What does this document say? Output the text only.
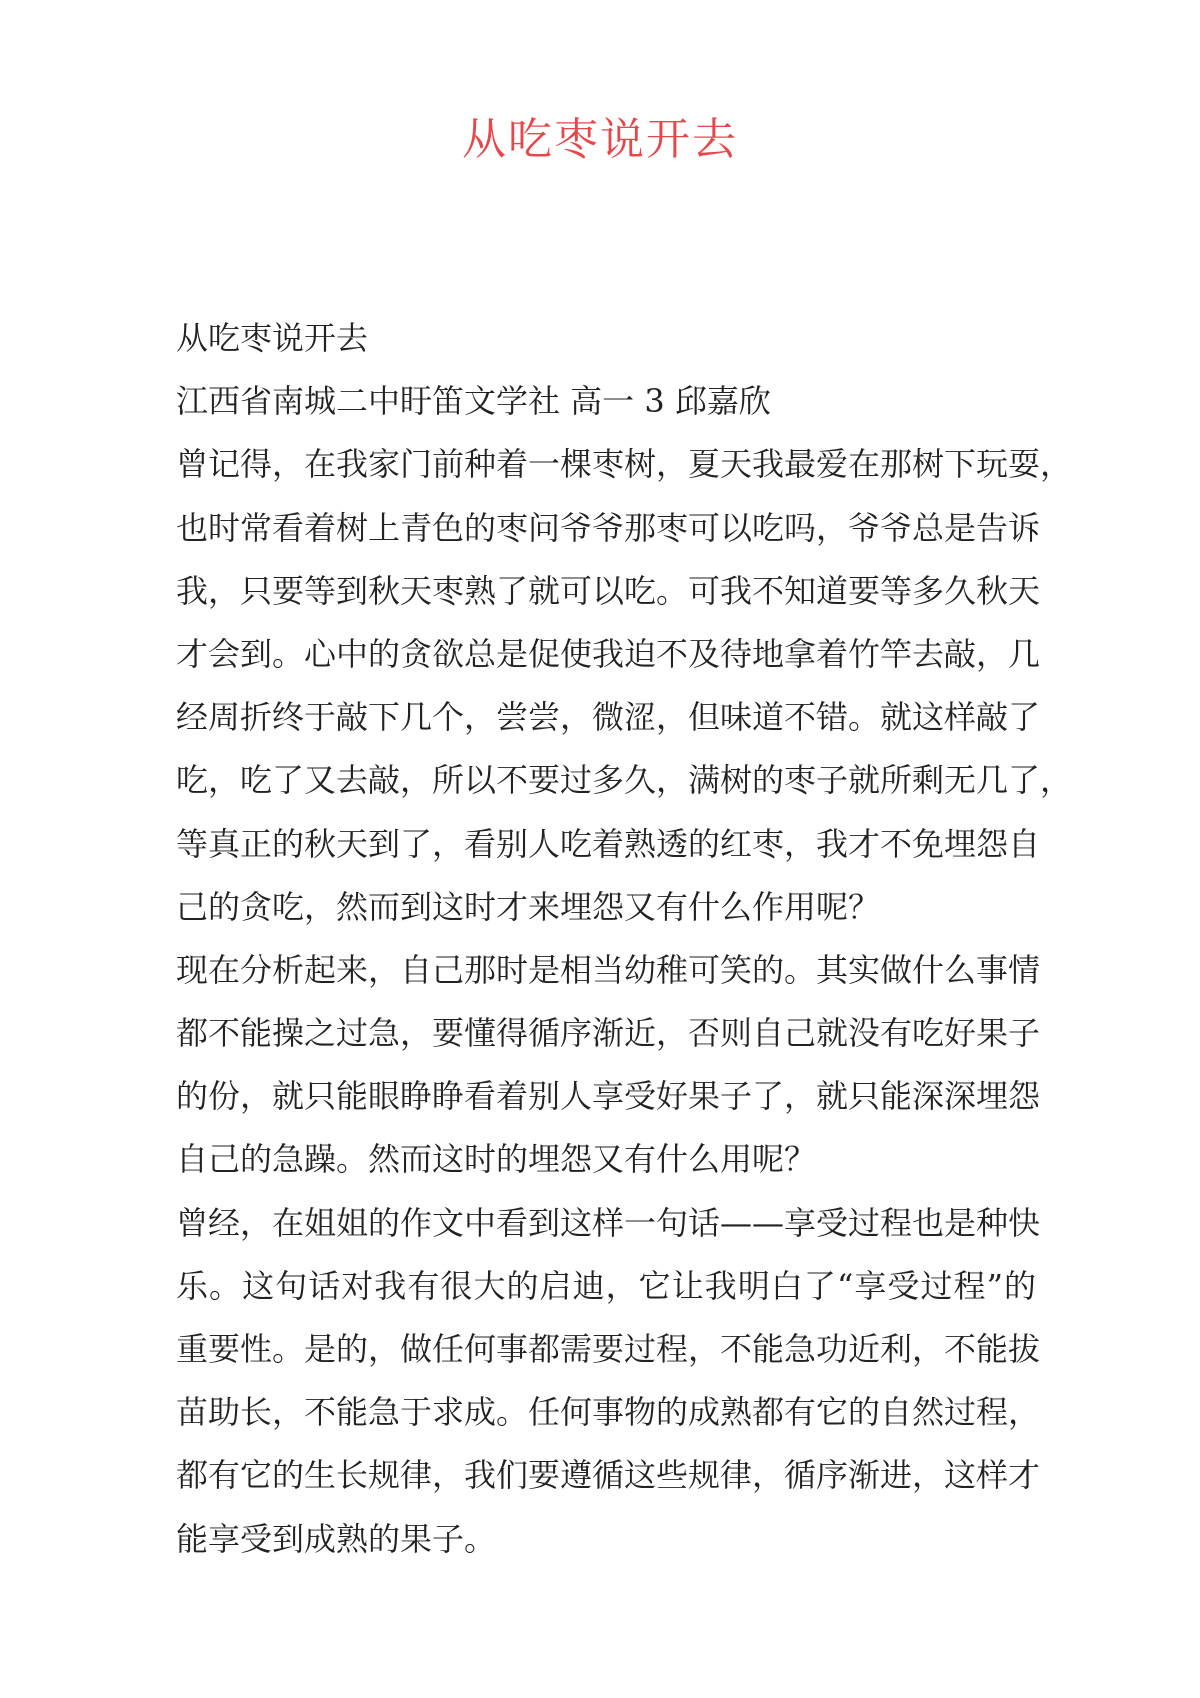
从吃枣说开去
从吃枣说开去
江西省南城二中盱笛文学社 高一 3 邱嘉欣
曾记得，在我家门前种着一棵枣树，夏天我最爱在那树下玩耍，
也时常看着树上青色的枣问爷爷那枣可以吃吗，爷爷总是告诉
我，只要等到秋天枣熟了就可以吃。可我不知道要等多久秋天
才会到。心中的贪欲总是促使我迫不及待地拿着竹竿去敲，几
经周折终于敲下几个，尝尝，微涩，但味道不错。就这样敲了
吃，吃了又去敲，所以不要过多久，满树的枣子就所剩无几了，
等真正的秋天到了，看别人吃着熟透的红枣，我才不免埋怨自
己的贪吃，然而到这时才来埋怨又有什么作用呢？
现在分析起来，自己那时是相当幼稚可笑的。其实做什么事情
都不能操之过急，要懂得循序渐近，否则自己就没有吃好果子
的份，就只能眼睁睁看着别人享受好果子了，就只能深深埋怨
自己的急躁。然而这时的埋怨又有什么用呢？
曾经，在姐姐的作文中看到这样一句话——享受过程也是种快
乐。这句话对我有很大的启迪，它让我明白了“享受过程”的
重要性。是的，做任何事都需要过程，不能急功近利，不能拔
苗助长，不能急于求成。任何事物的成熟都有它的自然过程，
都有它的生长规律，我们要遵循这些规律，循序渐进，这样才
能享受到成熟的果子。
